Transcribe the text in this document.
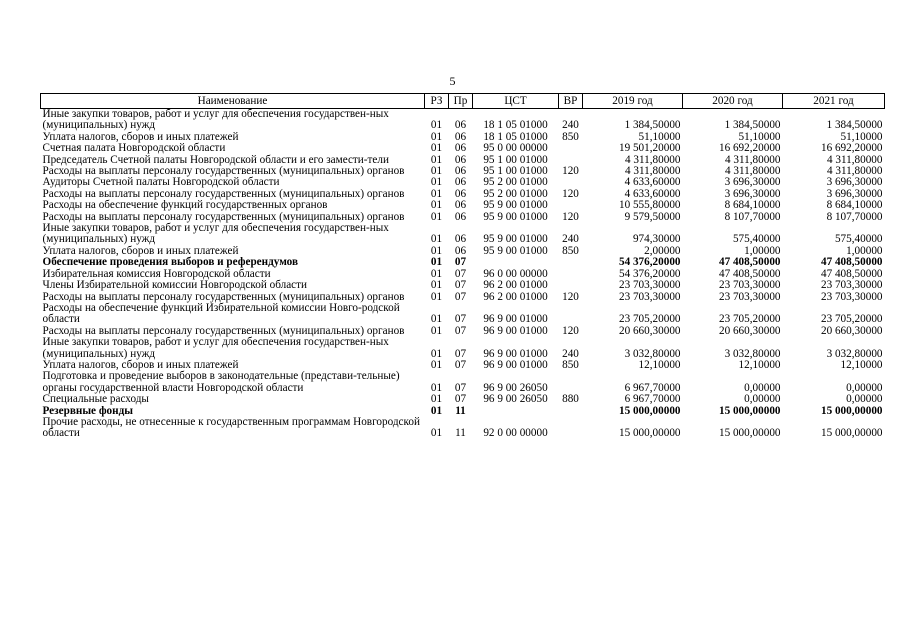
5
Наименование	РЗ	Пр	ЦСТ	ВР	2019 год	2020 год	2021 год
Иные закупки товаров, работ и услуг для обеспечения государствен-ных (муниципальных) нужд	01	06	18 1 05 01000	240	1 384,50000	1 384,50000	1 384,50000
Уплата налогов, сборов и иных платежей	01	06	18 1 05 01000	850	51,10000	51,10000	51,10000
Счетная палата Новгородской области	01	06	95 0 00 00000		19 501,20000	16 692,20000	16 692,20000
Председатель Счетной палаты Новгородской области и его замести-тели	01	06	95 1 00 01000		4 311,80000	4 311,80000	4 311,80000
Расходы на выплаты персоналу государственных (муниципальных) органов	01	06	95 1 00 01000	120	4 311,80000	4 311,80000	4 311,80000
Аудиторы Счетной палаты Новгородской области	01	06	95 2 00 01000		4 633,60000	3 696,30000	3 696,30000
Расходы на выплаты персоналу государственных (муниципальных) органов	01	06	95 2 00 01000	120	4 633,60000	3 696,30000	3 696,30000
Расходы на обеспечение функций государственных органов	01	06	95 9 00 01000		10 555,80000	8 684,10000	8 684,10000
Расходы на выплаты персоналу государственных (муниципальных) органов	01	06	95 9 00 01000	120	9 579,50000	8 107,70000	8 107,70000
Иные закупки товаров, работ и услуг для обеспечения государствен-ных (муниципальных) нужд	01	06	95 9 00 01000	240	974,30000	575,40000	575,40000
Уплата налогов, сборов и иных платежей	01	06	95 9 00 01000	850	2,00000	1,00000	1,00000
Обеспечение проведения выборов и референдумов	01	07			54 376,20000	47 408,50000	47 408,50000
Избирательная комиссия Новгородской области	01	07	96 0 00 00000		54 376,20000	47 408,50000	47 408,50000
Члены Избирательной комиссии Новгородской области	01	07	96 2 00 01000		23 703,30000	23 703,30000	23 703,30000
Расходы на выплаты персоналу государственных (муниципальных) органов	01	07	96 2 00 01000	120	23 703,30000	23 703,30000	23 703,30000
Расходы на обеспечение функций Избирательной комиссии Новго-родской области	01	07	96 9 00 01000		23 705,20000	23 705,20000	23 705,20000
Расходы на выплаты персоналу государственных (муниципальных) органов	01	07	96 9 00 01000	120	20 660,30000	20 660,30000	20 660,30000
Иные закупки товаров, работ и услуг для обеспечения государствен-ных (муниципальных) нужд	01	07	96 9 00 01000	240	3 032,80000	3 032,80000	3 032,80000
Уплата налогов, сборов и иных платежей	01	07	96 9 00 01000	850	12,10000	12,10000	12,10000
Подготовка и проведение выборов в законодательные (представи-тельные) органы государственной власти Новгородской области	01	07	96 9 00 26050		6 967,70000	0,00000	0,00000
Специальные расходы	01	07	96 9 00 26050	880	6 967,70000	0,00000	0,00000
Резервные фонды	01	11			15 000,00000	15 000,00000	15 000,00000
Прочие расходы, не отнесенные к государственным программам Новгородской области	01	11	92 0 00 00000		15 000,00000	15 000,00000	15 000,00000
